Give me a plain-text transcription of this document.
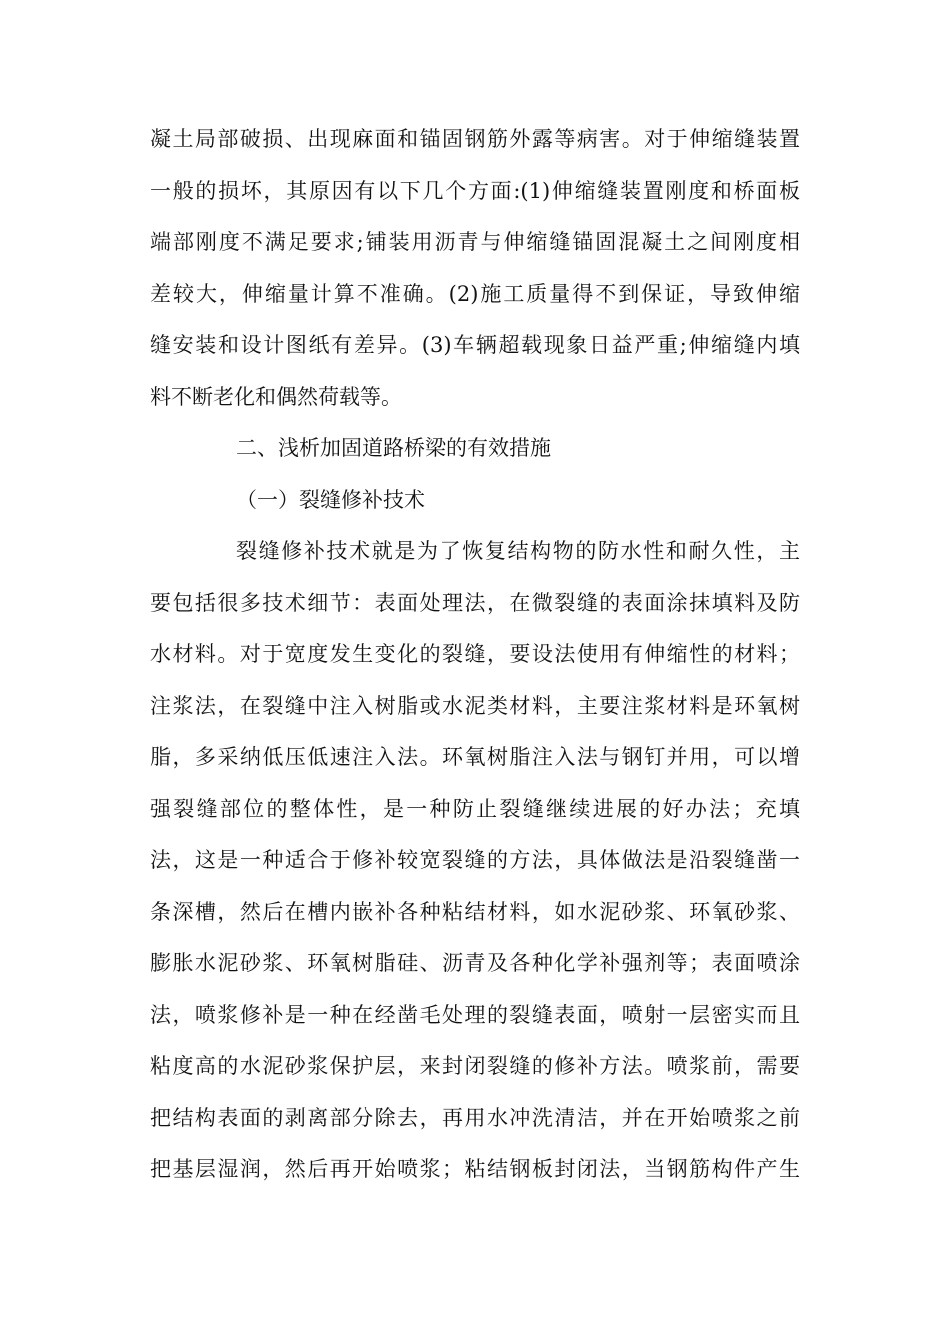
凝土局部破损、出现麻面和锚固钢筋外露等病害。对于伸缩缝装置
一般的损坏，其原因有以下几个方面:(1)伸缩缝装置刚度和桥面板
端部刚度不满足要求;铺装用沥青与伸缩缝锚固混凝土之间刚度相
差较大，伸缩量计算不准确。(2)施工质量得不到保证，导致伸缩
缝安装和设计图纸有差异。(3)车辆超载现象日益严重;伸缩缝内填
料不断老化和偶然荷载等。
二、浅析加固道路桥梁的有效措施
（一）裂缝修补技术
裂缝修补技术就是为了恢复结构物的防水性和耐久性，主
要包括很多技术细节：表面处理法，在微裂缝的表面涂抹填料及防
水材料。对于宽度发生变化的裂缝，要设法使用有伸缩性的材料；
注浆法，在裂缝中注入树脂或水泥类材料，主要注浆材料是环氧树
脂，多采纳低压低速注入法。环氧树脂注入法与钢钉并用，可以增
强裂缝部位的整体性，是一种防止裂缝继续进展的好办法；充填
法，这是一种适合于修补较宽裂缝的方法，具体做法是沿裂缝凿一
条深槽，然后在槽内嵌补各种粘结材料，如水泥砂浆、环氧砂浆、
膨胀水泥砂浆、环氧树脂硅、沥青及各种化学补强剂等；表面喷涂
法，喷浆修补是一种在经凿毛处理的裂缝表面，喷射一层密实而且
粘度高的水泥砂浆保护层，来封闭裂缝的修补方法。喷浆前，需要
把结构表面的剥离部分除去，再用水冲洗清洁，并在开始喷浆之前
把基层湿润，然后再开始喷浆；粘结钢板封闭法，当钢筋构件产生
